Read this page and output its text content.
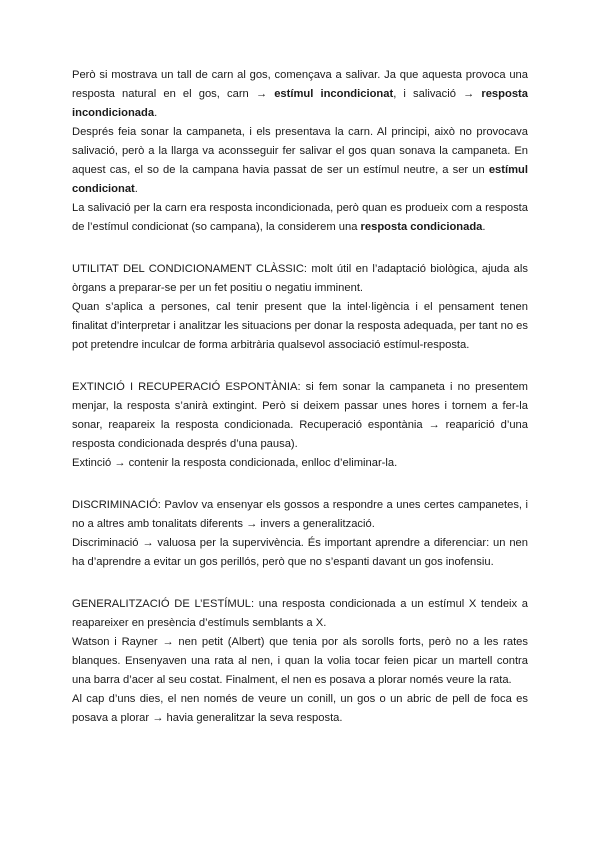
Però si mostrava un tall de carn al gos, començava a salivar. Ja que aquesta provoca una resposta natural en el gos, carn → estímul incondicionat, i salivació → resposta incondicionada.

Després feia sonar la campaneta, i els presentava la carn. Al principi, això no provocava salivació, però a la llarga va aconsseguir fer salivar el gos quan sonava la campaneta. En aquest cas, el so de la campana havia passat de ser un estímul neutre, a ser un estímul condicionat.

La salivació per la carn era resposta incondicionada, però quan es produeix com a resposta de l’estímul condicionat (so campana), la considerem una resposta condicionada.

UTILITAT DEL CONDICIONAMENT CLÀSSIC: molt útil en l’adaptació biològica, ajuda als òrgans a preparar-se per un fet positiu o negatiu imminent.

Quan s’aplica a persones, cal tenir present que la intel·ligència i el pensament tenen finalitat d’interpretar i analitzar les situacions per donar la resposta adequada, per tant no es pot pretendre inculcar de forma arbitrària qualsevol associació estímul-resposta.

EXTINCIÓ I RECUPERACIÓ ESPONTÀNIA: si fem sonar la campaneta i no presentem menjar, la resposta s’anirà extingint. Però si deixem passar unes hores i tornem a fer-la sonar, reapareix la resposta condicionada. Recuperació espontània → reaparició d’una resposta condicionada després d’una pausa).

Extinció → contenir la resposta condicionada, enlloc d’eliminar-la.

DISCRIMINACIÓ: Pavlov va ensenyar els gossos a respondre a unes certes campanetes, i no a altres amb tonalitats diferents → invers a generalització.

Discriminació → valuosa per la supervivència. És important aprendre a diferenciar: un nen ha d’aprendre a evitar un gos perillós, però que no s’espanti davant un gos inofensiu.

GENERALITZACIÓ DE L’ESTÍMUL: una resposta condicionada a un estímul X tendeix a reapareixer en presència d’estímuls semblants a X.

Watson i Rayner → nen petit (Albert) que tenia por als sorolls forts, però no a les rates blanques. Ensenyaven una rata al nen, i quan la volia tocar feien picar un martell contra una barra d’acer al seu costat. Finalment, el nen es posava a plorar només veure la rata.

Al cap d’uns dies, el nen només de veure un conill, un gos o un abric de pell de foca es posava a plorar → havia generalitzar la seva resposta.
